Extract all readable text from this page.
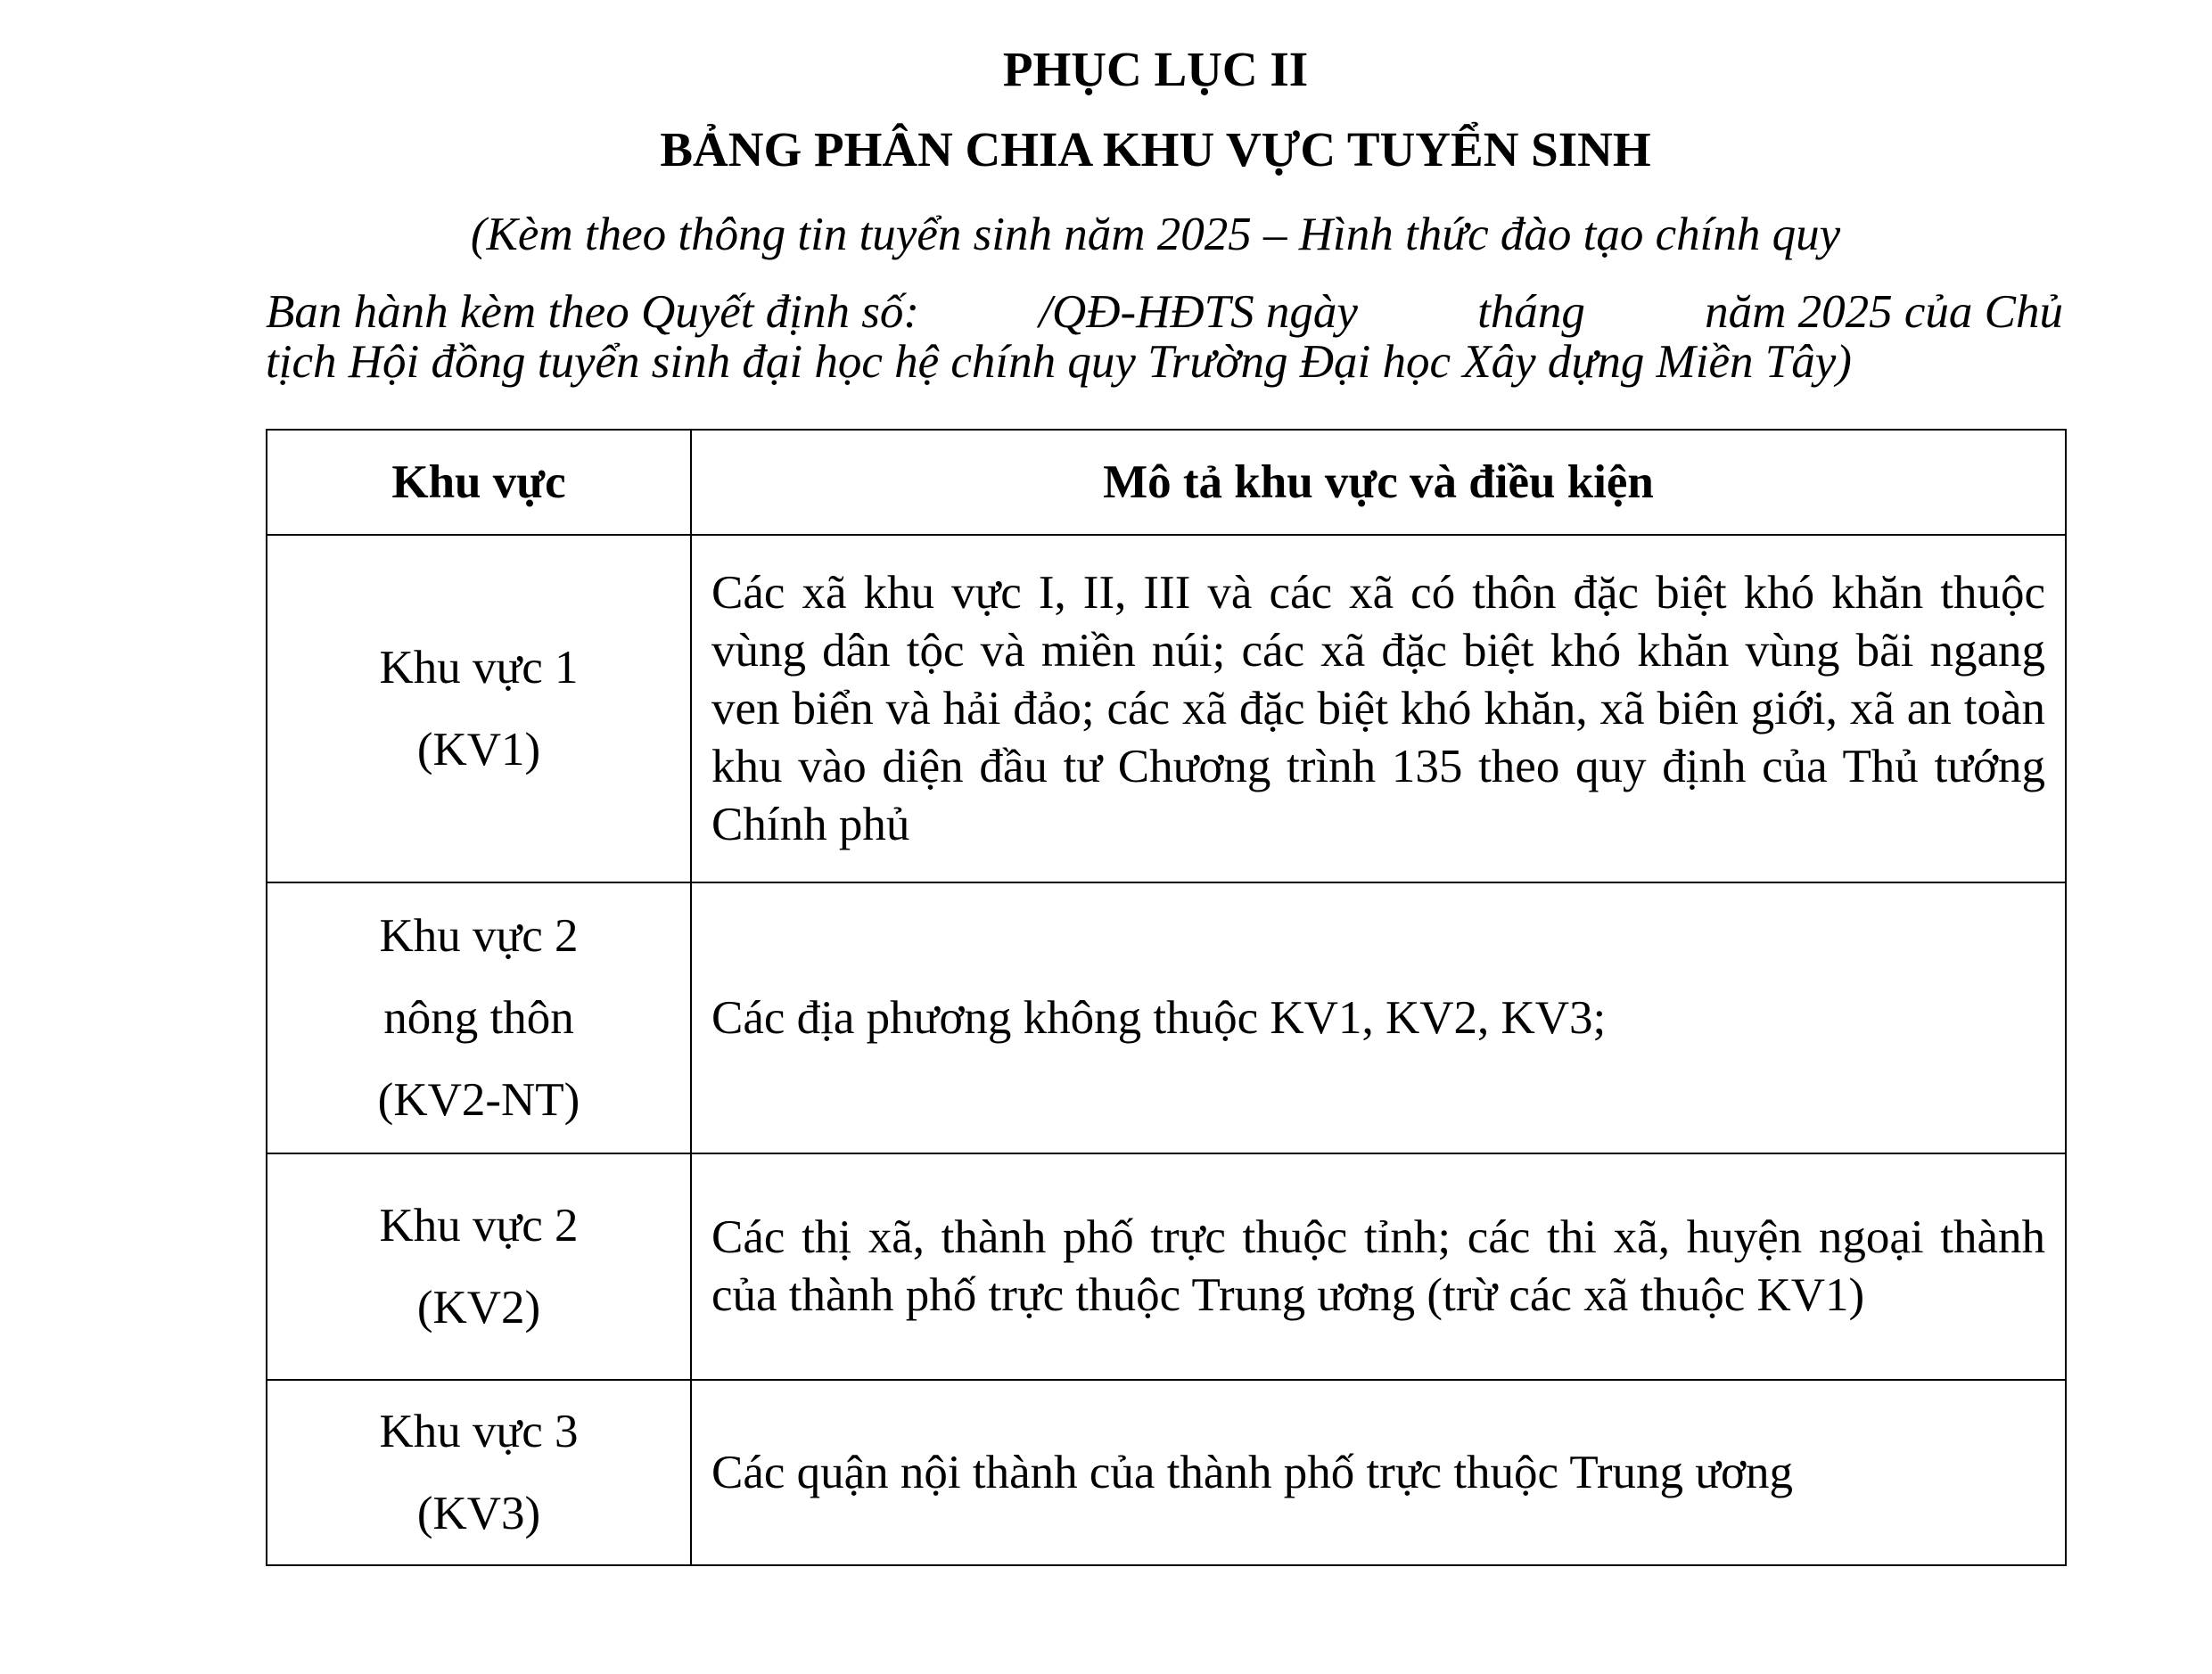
PHỤC LỤC II
BẢNG PHÂN CHIA KHU VỰC TUYỂN SINH
(Kèm theo thông tin tuyển sinh năm 2025 – Hình thức đào tạo chính quy
Ban hành kèm theo Quyết định số:	/QĐ-HĐTS ngày	tháng	năm 2025 của Chủ
tịch Hội đồng tuyển sinh đại học hệ chính quy Trường Đại học Xây dựng Miền Tây)
Khu vực	Mô tả khu vực và điều kiện

Khu vực 1
(KV1)	Các xã khu vực I, II, III và các xã có thôn đặc biệt khó khăn thuộc vùng dân tộc và miền núi; các xã đặc biệt khó khăn vùng bãi ngang ven biển và hải đảo; các xã đặc biệt khó khăn, xã biên giới, xã an toàn khu vào diện đầu tư Chương trình 135 theo quy định của Thủ tướng Chính phủ

Khu vực 2
nông thôn
(KV2-NT)	Các địa phương không thuộc KV1, KV2, KV3;

Khu vực 2
(KV2)	Các thị xã, thành phố trực thuộc tỉnh; các thi xã, huyện ngoại thành của thành phố trực thuộc Trung ương (trừ các xã thuộc KV1)

Khu vực 3
(KV3)	Các quận nội thành của thành phố trực thuộc Trung ương
